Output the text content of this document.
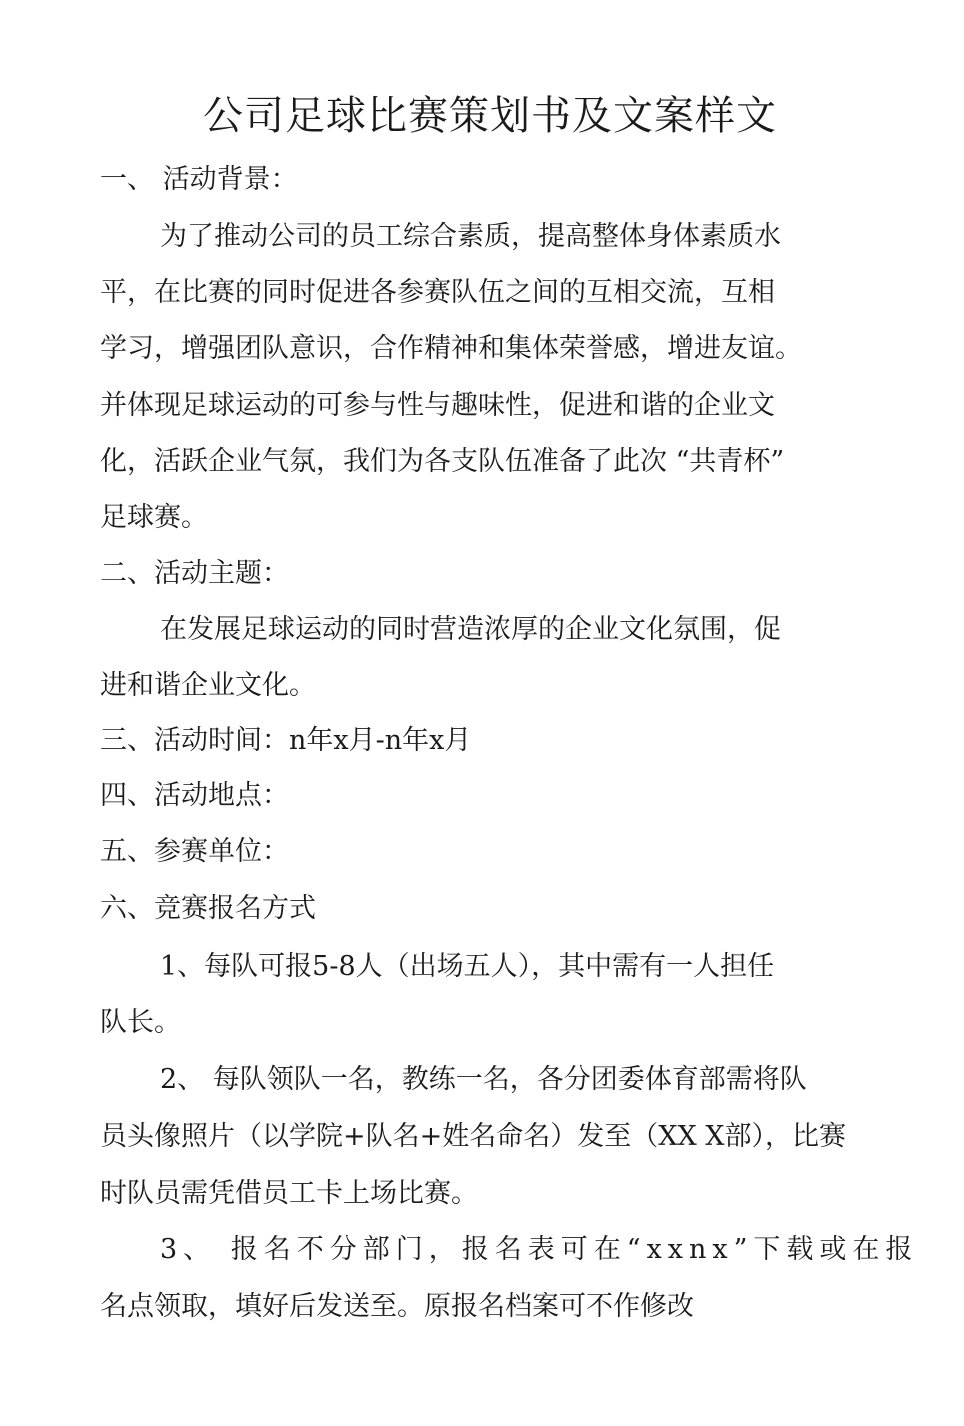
公司足球比赛策划书及文案样文
一、 活动背景：
为了推动公司的员工综合素质，提高整体身体素质水
平，在比赛的同时促进各参赛队伍之间的互相交流，互相
学习，增强团队意识，合作精神和集体荣誉感，增进友谊。
并体现足球运动的可参与性与趣味性，促进和谐的企业文
化，活跃企业气氛，我们为各支队伍准备了此次 “共青杯”
足球赛。
二、活动主题：
在发展足球运动的同时营造浓厚的企业文化氛围，促
进和谐企业文化。
三、活动时间：n年x月-n年x月
四、活动地点：
五、参赛单位：
六、竞赛报名方式
1、每队可报5-8人（出场五人），其中需有一人担任
队长。
2、 每队领队一名，教练一名，各分团委体育部需将队
员头像照片（以学院+队名+姓名命名）发至（XX X部），比赛
时队员需凭借员工卡上场比赛。
3、 报名不分部门，报名表可在“xxnx”下载或在报
名点领取，填好后发送至。原报名档案可不作修改
